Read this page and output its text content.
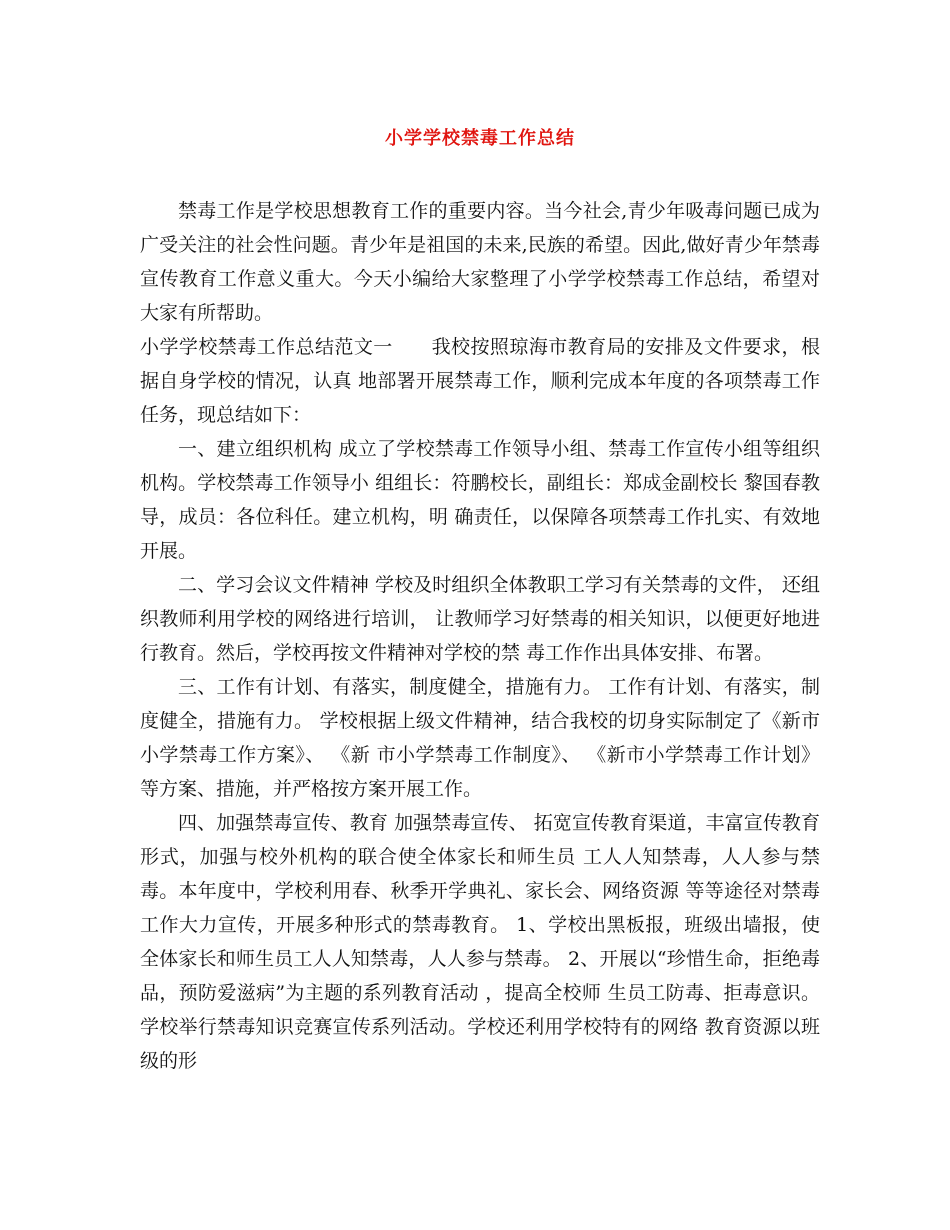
小学学校禁毒工作总结

禁毒工作是学校思想教育工作的重要内容。当今社会,青少年吸毒问题已成为广受关注的社会性问题。青少年是祖国的未来,民族的希望。因此,做好青少年禁毒宣传教育工作意义重大。今天小编给大家整理了小学学校禁毒工作总结，希望对大家有所帮助。

小学学校禁毒工作总结范文一　　我校按照琼海市教育局的安排及文件要求，根据自身学校的情况，认真 地部署开展禁毒工作，顺利完成本年度的各项禁毒工作任务，现总结如下：

一、建立组织机构 成立了学校禁毒工作领导小组、禁毒工作宣传小组等组织机构。学校禁毒工作领导小 组组长：符鹏校长，副组长：郑成金副校长 黎国春教导，成员：各位科任。建立机构，明 确责任，以保障各项禁毒工作扎实、有效地开展。

二、学习会议文件精神 学校及时组织全体教职工学习有关禁毒的文件， 还组织教师利用学校的网络进行培训， 让教师学习好禁毒的相关知识，以便更好地进行教育。然后，学校再按文件精神对学校的禁 毒工作作出具体安排、布署。

三、工作有计划、有落实，制度健全，措施有力。 工作有计划、有落实，制度健全，措施有力。 学校根据上级文件精神，结合我校的切身实际制定了《新市小学禁毒工作方案》、 《新 市小学禁毒工作制度》、 《新市小学禁毒工作计划》等方案、措施，并严格按方案开展工作。

四、加强禁毒宣传、教育 加强禁毒宣传、 拓宽宣传教育渠道，丰富宣传教育形式，加强与校外机构的联合使全体家长和师生员 工人人知禁毒，人人参与禁毒。本年度中，学校利用春、秋季开学典礼、家长会、网络资源 等等途径对禁毒工作大力宣传，开展多种形式的禁毒教育。 1、学校出黑板报，班级出墙报，使全体家长和师生员工人人知禁毒，人人参与禁毒。 2、开展以“珍惜生命，拒绝毒品，预防爱滋病”为主题的系列教育活动 ，提高全校师 生员工防毒、拒毒意识。学校举行禁毒知识竞赛宣传系列活动。学校还利用学校特有的网络 教育资源以班级的形
